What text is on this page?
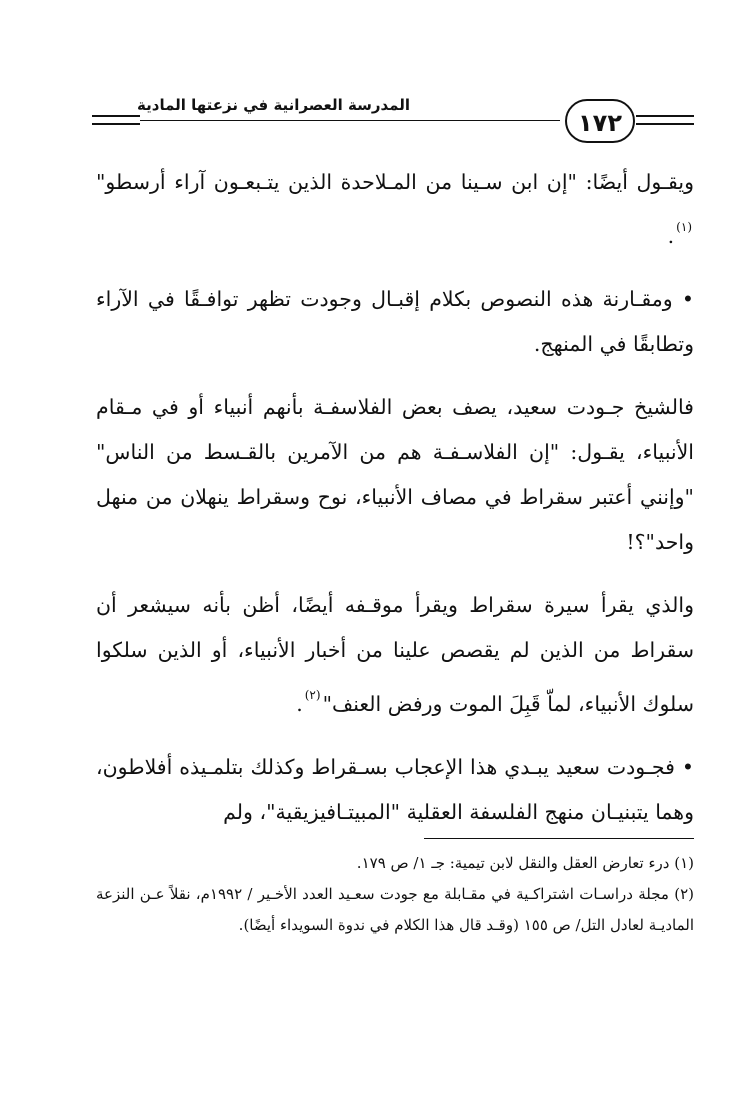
المدرسة العصرانية في نزعتها المادية
١٧٢

ويقـول أيضًا: "إن ابن سـينا من المـلاحدة الذين يتـبعـون آراء أرسطو"$^{(١)}$.

• ومقـارنة هذه النصوص بكلام إقبـال وجودت تظهر توافـقًا في الآراء وتطابقًا في المنهج.

فالشيخ جـودت سعيد، يصف بعض الفلاسفـة بأنهم أنبياء أو في مـقام الأنبياء، يقـول: "إن الفلاسـفـة هم من الآمرين بالقـسط من الناس" "وإنني أعتبر سقراط في مصاف الأنبياء، نوح وسقراط ينهلان من منهل واحد"؟!

والذي يقرأ سيرة سقراط ويقرأ موقـفه أيضًا، أظن بأنه سيشعر أن سقراط من الذين لم يقصص علينا من أخبار الأنبياء، أو الذين سلكوا سلوك الأنبياء، لماّ قَبِلَ الموت ورفض العنف"$^{(٢)}$.

• فجـودت سعيد يبـدي هذا الإعجاب بسـقراط وكذلك بتلمـيذه أفلاطون، وهما يتبنيـان منهج الفلسفة العقلية "المبيتـافيزيقية"، ولم

(١) درء تعارض العقل والنقل لابن تيمية: جـ ١/ ص ١٧٩.

(٢) مجلة دراسـات اشتراكـية في مقـابلة مع جودت سعـيد العدد الأخـير / ١٩٩٢م، نقلاً عـن النزعة الماديـة لعادل التل/ ص ١٥٥ (وقـد قال هذا الكلام في ندوة السويداء أيضًا).
